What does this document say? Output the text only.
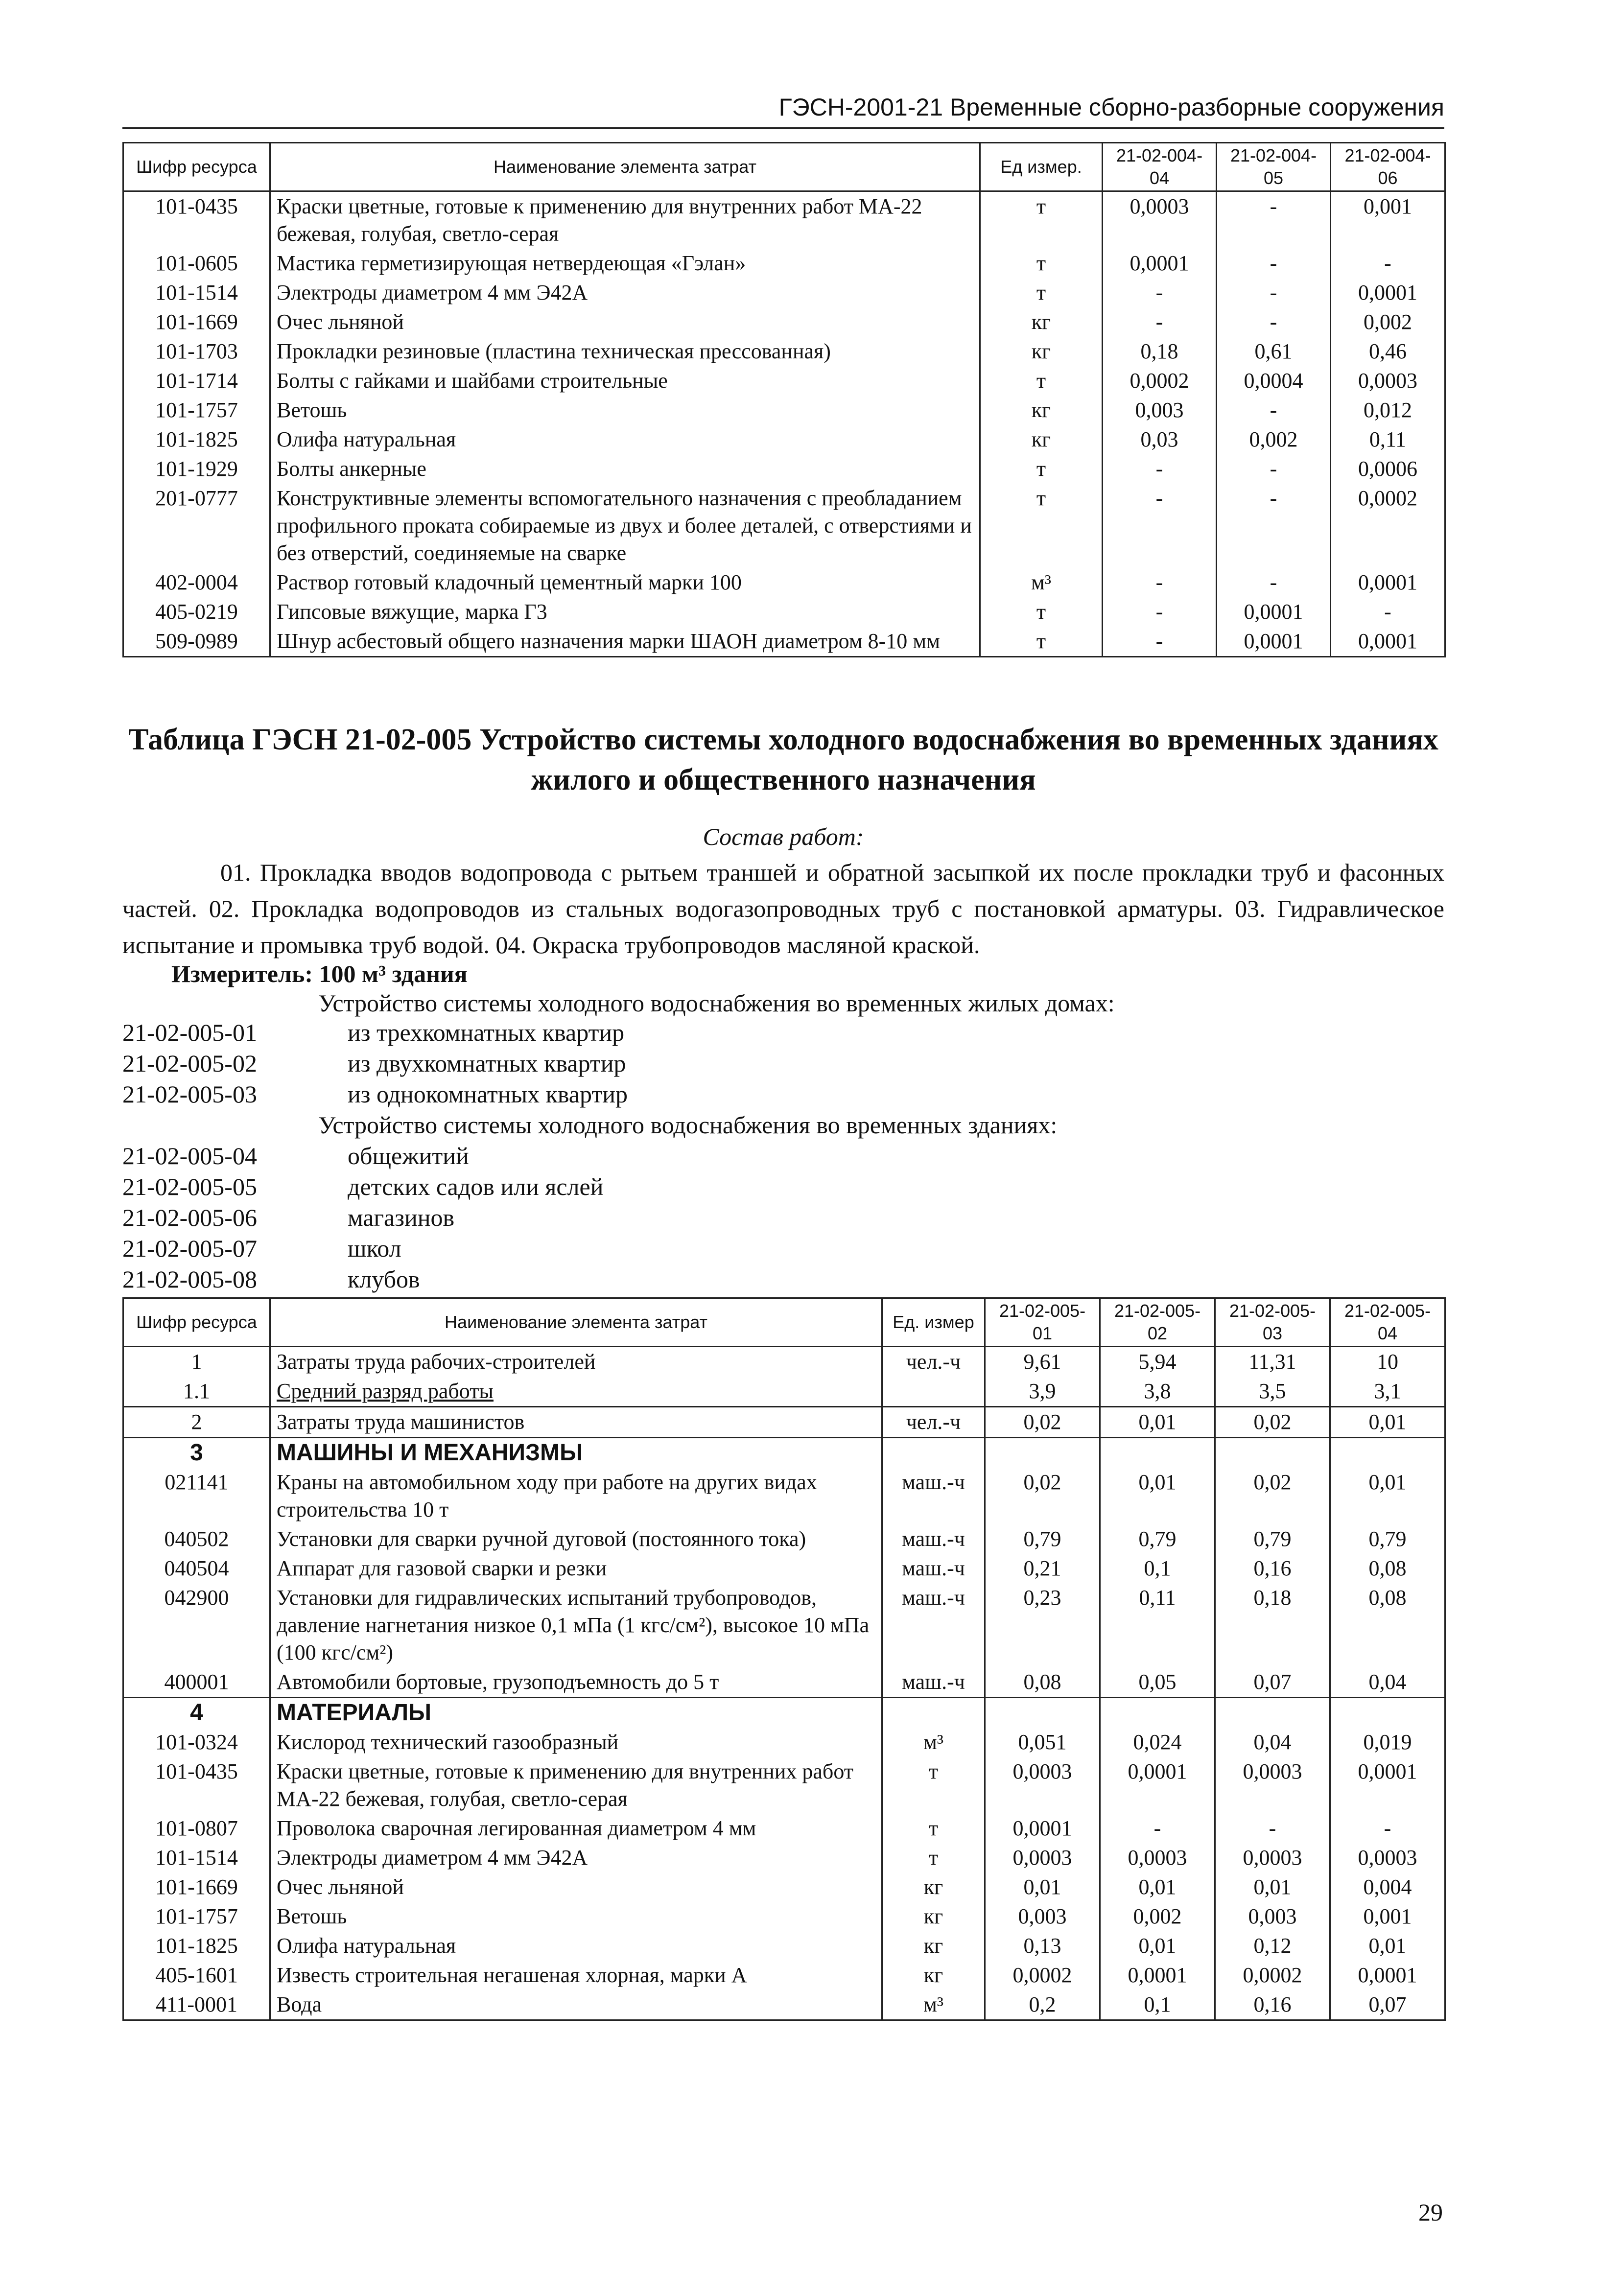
ГЭСН-2001-21 Временные сборно-разборные сооружения
Шифр ресурса	Наименование элемента затрат	Ед измер.	21-02-004-04	21-02-004-05	21-02-004-06
101-0435	Краски цветные, готовые к применению для внутренних работ МА-22 бежевая, голубая, светло-серая	т	0,0003	-	0,001
101-0605	Мастика герметизирующая нетвердеющая «Гэлан»	т	0,0001	-	-
101-1514	Электроды диаметром 4 мм Э42А	т	-	-	0,0001
101-1669	Очес льняной	кг	-	-	0,002
101-1703	Прокладки резиновые (пластина техническая прессованная)	кг	0,18	0,61	0,46
101-1714	Болты с гайками и шайбами строительные	т	0,0002	0,0004	0,0003
101-1757	Ветошь	кг	0,003	-	0,012
101-1825	Олифа натуральная	кг	0,03	0,002	0,11
101-1929	Болты анкерные	т	-	-	0,0006
201-0777	Конструктивные элементы вспомогательного назначения с преобладанием профильного проката собираемые из двух и более деталей, с отверстиями и без отверстий, соединяемые на сварке	т	-	-	0,0002
402-0004	Раствор готовый кладочный цементный марки 100	м³	-	-	0,0001
405-0219	Гипсовые вяжущие, марка Г3	т	-	0,0001	-
509-0989	Шнур асбестовый общего назначения марки ШАОН диаметром 8-10 мм	т	-	0,0001	0,0001
Таблица ГЭСН 21-02-005 Устройство системы холодного водоснабжения во временных зданиях жилого и общественного назначения
Состав работ:
01. Прокладка вводов водопровода с рытьем траншей и обратной засыпкой их после прокладки труб и фасонных частей. 02. Прокладка водопроводов из стальных водогазопроводных труб с постановкой арматуры. 03. Гидравлическое испытание и промывка труб водой. 04. Окраска трубопроводов масляной краской.
Измеритель: 100 м³ здания
Устройство системы холодного водоснабжения во временных жилых домах:
21-02-005-01	из трехкомнатных квартир
21-02-005-02	из двухкомнатных квартир
21-02-005-03	из однокомнатных квартир
Устройство системы холодного водоснабжения во временных зданиях:
21-02-005-04	общежитий
21-02-005-05	детских садов или яслей
21-02-005-06	магазинов
21-02-005-07	школ
21-02-005-08	клубов
Шифр ресурса	Наименование элемента затрат	Ед. измер	21-02-005-01	21-02-005-02	21-02-005-03	21-02-005-04
1	Затраты труда рабочих-строителей	чел.-ч	9,61	5,94	11,31	10
1.1	Средний разряд работы		3,9	3,8	3,5	3,1
2	Затраты труда машинистов	чел.-ч	0,02	0,01	0,02	0,01
3	МАШИНЫ И МЕХАНИЗМЫ					
021141	Краны на автомобильном ходу при работе на других видах строительства 10 т	маш.-ч	0,02	0,01	0,02	0,01
040502	Установки для сварки ручной дуговой (постоянного тока)	маш.-ч	0,79	0,79	0,79	0,79
040504	Аппарат для газовой сварки и резки	маш.-ч	0,21	0,1	0,16	0,08
042900	Установки для гидравлических испытаний трубопроводов, давление нагнетания низкое 0,1 мПа (1 кгс/см²), высокое 10 мПа (100 кгс/см²)	маш.-ч	0,23	0,11	0,18	0,08
400001	Автомобили бортовые, грузоподъемность до 5 т	маш.-ч	0,08	0,05	0,07	0,04
4	МАТЕРИАЛЫ					
101-0324	Кислород технический газообразный	м³	0,051	0,024	0,04	0,019
101-0435	Краски цветные, готовые к применению для внутренних работ МА-22 бежевая, голубая, светло-серая	т	0,0003	0,0001	0,0003	0,0001
101-0807	Проволока сварочная легированная диаметром 4 мм	т	0,0001	-	-	-
101-1514	Электроды диаметром 4 мм Э42А	т	0,0003	0,0003	0,0003	0,0003
101-1669	Очес льняной	кг	0,01	0,01	0,01	0,004
101-1757	Ветошь	кг	0,003	0,002	0,003	0,001
101-1825	Олифа натуральная	кг	0,13	0,01	0,12	0,01
405-1601	Известь строительная негашеная хлорная, марки А	кг	0,0002	0,0001	0,0002	0,0001
411-0001	Вода	м³	0,2	0,1	0,16	0,07
29
